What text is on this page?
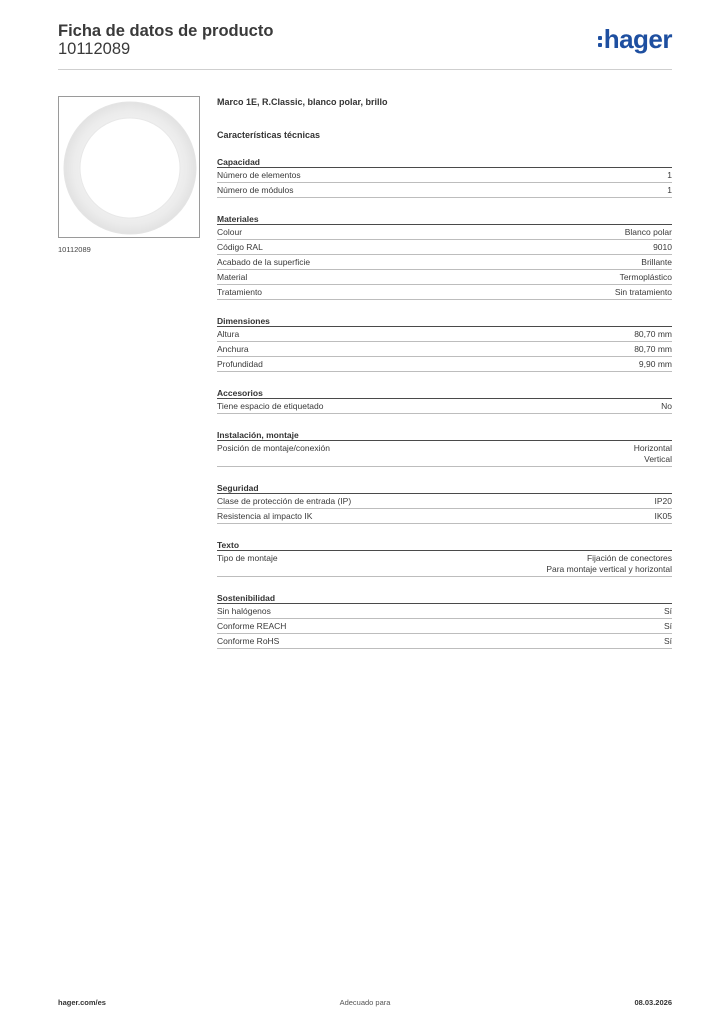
Ficha de datos de producto
10112089	hager
10112089
Marco 1E, R.Classic, blanco polar, brillo
Características técnicas
Capacidad
Número de elementos	1
Número de módulos	1
Materiales
Colour	Blanco polar
Código RAL	9010
Acabado de la superficie	Brillante
Material	Termoplástico
Tratamiento	Sin tratamiento
Dimensiones
Altura	80,70 mm
Anchura	80,70 mm
Profundidad	9,90 mm
Accesorios
Tiene espacio de etiquetado	No
Instalación, montaje
Posición de montaje/conexión	Horizontal
Vertical
Seguridad
Clase de protección de entrada (IP)	IP20
Resistencia al impacto IK	IK05
Texto
Tipo de montaje	Fijación de conectores
Para montaje vertical y horizontal
Sostenibilidad
Sin halógenos	Sí
Conforme REACH	Sí
Conforme RoHS	Sí
hager.com/es	Adecuado para	08.03.2026
